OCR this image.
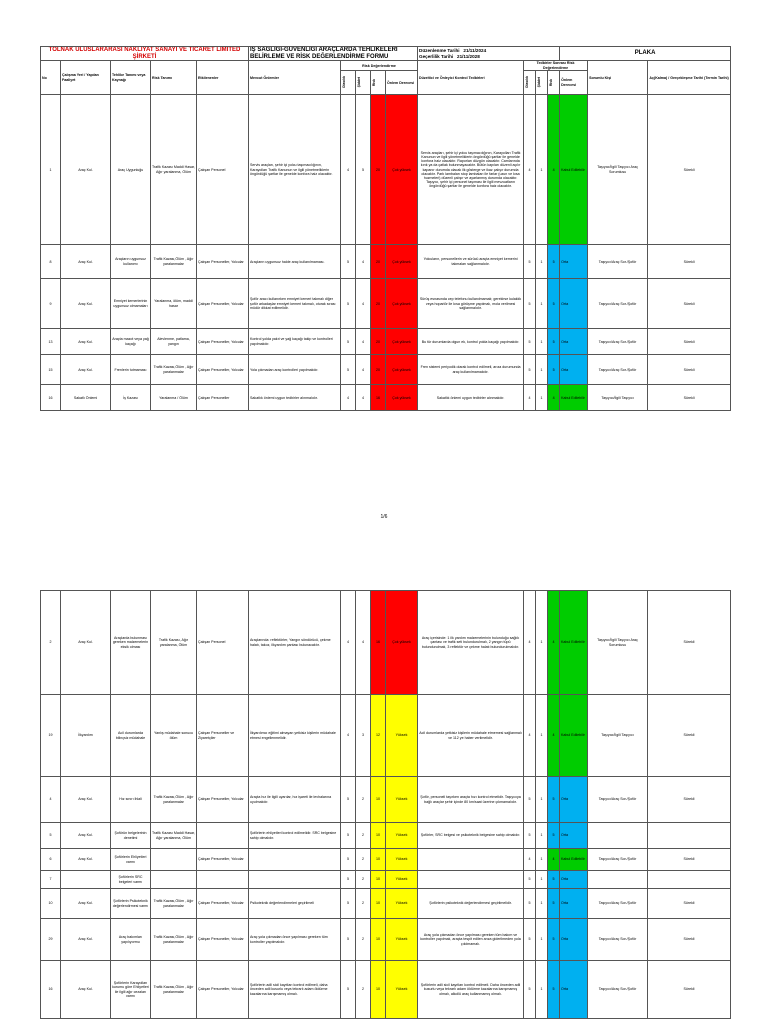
TOLNAK ULUSLARARASI NAKLİYAT SANAYİ VE TİCARET LİMİTED ŞİRKETİ					İŞ SAĞLIĞI-GÜVENLİĞİ ARAÇLARDA TEHLİKELERİ BELİRLEME VE RİSK DEĞERLENDİRME FORMU					Düzenlenme Tarihi 21/11/2024
Geçerlilik Tarihi 21/11/2028				PLAKA		
No	Çalışma Yeri / Yapılan Faaliyet	Tehlike Tanımı veya Kaynağı	Risk Tanımı	Etkilenenler	Mevcut Önlemler	Risk Değerlendirme				Düzeltici ve Önleyici Kontrol Tedbirleri	Tedbirler Sonrası Risk Değerlendirme				Sorumlu Kişi	Aç(Kalma) / Gerçekleşme Tarihi (Termin Tarihi)
						Olasılık	Şiddet	Risk	Önlem Derecesi		Olasılık	Şiddet	Risk	Önlem Derecesi		
1	Araç Kul.	Araç Uygunluğu	Trafik Kazası Maddi Hasar, Ağır yaralanma, Ölüm	Çalışan Personel	Servis araçları, şehir içi yolcu taşımacılığının, Karayolları Trafik Kanunun ve ilgili yönetmeliklerin öngördüğü şartlar ile genelde konfora haiz olacaktır.	4	5	20	Çok yüksek	Servis araçları, şehir içi yolcu taşımacılığının, Karayolları Trafik Kanunun ve ilgili yönetmeliklerin öngördüğü şartlar ile genelde konfora haiz olacaktır. Raporları düzgün olacaktır. Camlarında kırık ya da çatlak bulunmayacaktır. Bütün kapıları düzenli açılır kapanır durumda olacak ilk gösterge ve ikaz çalışır durumda olacaktır. Park lambaları stop lambaları ile farlar (uzun ve kısa huzmeleri) düzenli çalışır ve ayarlanmış durumda olacaktır. Taşıyıcı, şehir içi personel taşıması ile ilgili mevzuatların öngördüğü şartlar ile genelde konfora haiz olacaktır.	4	1	4	Kabul Edilebilir	Taşıyıcı/İlgili Taşıyıcı Araç Sorumlusu	Sürekli
8	Araç Kul.	Araçların uygunsuz kullanımı	Trafik Kazası,Ölüm , Ağır yaralanmalar	Çalışan Personeller, Yolcular	Araçların uygunsuz halde araç kullanılmaması.	5	4	20	Çok yüksek	Yolcuların, personellerin ve sürücü araçta emniyet kemerini takmaları sağlanmalıdır.	5	1	5	Orta	Taşıyıcı/Araç Sor./Şoför	Sürekli
9	Araç Kul.	Emniyet kemerlerinin uygunsuz olmamaları	Yaralanma, ölüm, maddi hasar	Çalışan Personeller, Yolcular	Şoför aracı kullanırken emniyet kemeri takmalı diğer şoför arkadaşlar emniyet kemeri takmalı, oturak sırası müdür dikkat edilmelidir.	5	4	20	Çok yüksek	Sürüş esnasında cep telefonu kullanılmamalı; gerekirse kulaklık veya hoparlör ile kısa görüşme yapılmalı, mola verilmesi sağlanmalıdır.	5	1	5	Orta	Taşıyıcı/Araç Sor./Şoför	Sürekli
13	Araç Kul.	Araçta mazot veya yağ kaçağı	Alevlenme, patlama, yangın	Çalışan Personeller, Yolcular	Kontrol yolda yakıt ve yağ kaçağı takip ve kontrolleri yapılmalıdır.	5	4	20	Çok yüksek	Bu tür durumlarda olgun ek, kontrol yolda kaçağı yapılmalıdır.	5	1	5	Orta	Taşıyıcı/Araç Sor./Şoför	Sürekli
15	Araç Kul.	Frenlerin tutmaması	Trafik Kazası,Ölüm , Ağır yaralanmalar	Çalışan Personeller, Yolcular	Yola çıkmadan araç kontrolleri yapılmalıdır.	5	4	20	Çok yüksek	Fren sistemi periyodik olarak kontrol edilmeli, arıza durumunda araç kullanılmamalıdır.	5	1	5	Orta	Taşıyıcı/Araç Sor./Şoför	Sürekli
16	Sakatlı Önlemi	İş Kazası	Yaralanma / Ölüm	Çalışan Personeller	Sakatlık önlemi uygun tedbirler alınmalıdır.	4	4	16	Çok yüksek	Sakatlık önlemi uygun tedbirler alınmalıdır.	4	1	4	Kabul Edilebilir	Taşıyıcı/İlgili Taşıyıcı	Sürekli
1/6
2	Araç Kul.	Araçlarda bulunması gereken malzemelerin eksik olması	Trafik Kazası, Ağır yaralanma, Ölüm	Çalışan Personel	Araçlarında: reflektörler, Yangın söndürücü, çekme halatı, takoz, ilkyardım çantası bulunacaktır.	4	4	16	Çok yüksek	Araç içerisinde: 1 ilk yardım malzemelerinin bulunduğu sağlık çantası ve trafik seti bulundurulmalı, 2 yangın tüpü bulundurulmalı, 3 reflektör ve çekme halatı bulundurulmalıdır.	4	1	4	Kabul Edilebilir	Taşıyıcı/İlgili Taşıyıcı Araç Sorumlusu	Sürekli
19	İlkyardım	Acil durumlarda bilinçsiz müdahale	Yanlış müdahale sonucu ölüm	Çalışan Personeller ve Ziyaretçiler	İlkyardımcı eğitimi almayan yetkisiz kişilerin müdahale etmesi engellenmelidir.	4	3	12	Yüksek	Acil durumlarda yetkisiz kişilerin müdahale etmemesi sağlanmalı ve 112 ye haber verilmelidir.	4	1	4	Kabul Edilebilir	Taşıyıcı/İlgili Taşıyıcı	Sürekli
4	Araç Kul.	Hız sınırı ihlali	Trafik Kazası,Ölüm , Ağır yaralanmalar	Çalışan Personeller, Yolcular	Araçta hız ile ilgili uyarılar, hız işareti ile levhalarına uyulmalıdır.	5	2	10	Yüksek	Şoför, personeli taşırken araçta hızı kontrol etmelidir. Taşıyıcıya bağlı araçlar şehir içinde 80 km/saat üzerine çıkmamalıdır.	5	1	5	Orta	Taşıyıcı/Araç Sor./Şoför	Sürekli
5	Araç Kul.	Şoförün belgelerinin denetimi	Trafik Kazası Maddi Hasar, Ağır yaralanma, Ölüm		Şoförlerin ehliyetleri kontrol edilmelidir. SRC belgesine sahip olmalıdır.	5	2	10	Yüksek	Şoförler, SRC belgesi ve psikoteknik belgesine sahip olmalıdır.	5	1	5	Orta		
6	Araç Kul.	Şoförlerin Ehliyetleri varmı		Çalışan Personeller, Yolcular		5	2	10	Yüksek		4	1	4	Kabul Edilebilir	Taşıyıcı/Araç Sor./Şoför	Sürekli
7		Şoförlerin SRC belgeleri varmı				5	2	10	Yüksek		5	1	5	Orta		
10	Araç Kul.	Şoförlerin Psikoteknik değerlendirmesi varmı	Trafik Kazası,Ölüm , Ağır yaralanmalar	Çalışan Personeller, Yolcular	Psikoteknik değerlendirmeleri geçirilmeli	5	2	10	Yüksek	Şoförlerin psikoteknik değerlendirmesi geçirilmelidir.	5	1	5	Orta	Taşıyıcı/Araç Sor./Şoför	Sürekli
29	Araç Kul.	Araç bakımları yapılıyormu	Trafik Kazası,Ölüm , Ağır yaralanmalar	Çalışan Personeller, Yolcular	Araç yola çıkmadan önce yapılması gereken tüm kontroller yapılmalıdır.	5	2	10	Yüksek	Araç yola çıkmadan önce yapılması gereken tüm bakım ve kontroller yapılmalı, araçta tespit edilen arıza giderilmeden yola çıkılmamalı.	5	1	5	Orta	Taşıyıcı/Araç Sor./Şoför	Sürekli
16	Araç Kul.	Şoförlerin Karayolları kurumu göre Ehliyetleri ile ilgili ağır cezaları varmı	Trafik Kazası,Ölüm , Ağır yaralanmalar	Çalışan Personeller, Yolcular	Şoförlerin adli sicil kayıtları kontrol edilmeli, daha önceden adli kusurlu veya tekrarlı adam öldürme kazalarına karışmamış olmalı.	5	2	10	Yüksek	Şoförlerin adli sicil kayıtları kontrol edilmeli. Daha önceden adli kusurlu veya tekrarlı adam öldürme kazalarına karışmamış olmalı, alkollü araç kullanmamış olmalı.	5	1	5	Orta	Taşıyıcı/Araç Sor./Şoför	Sürekli
